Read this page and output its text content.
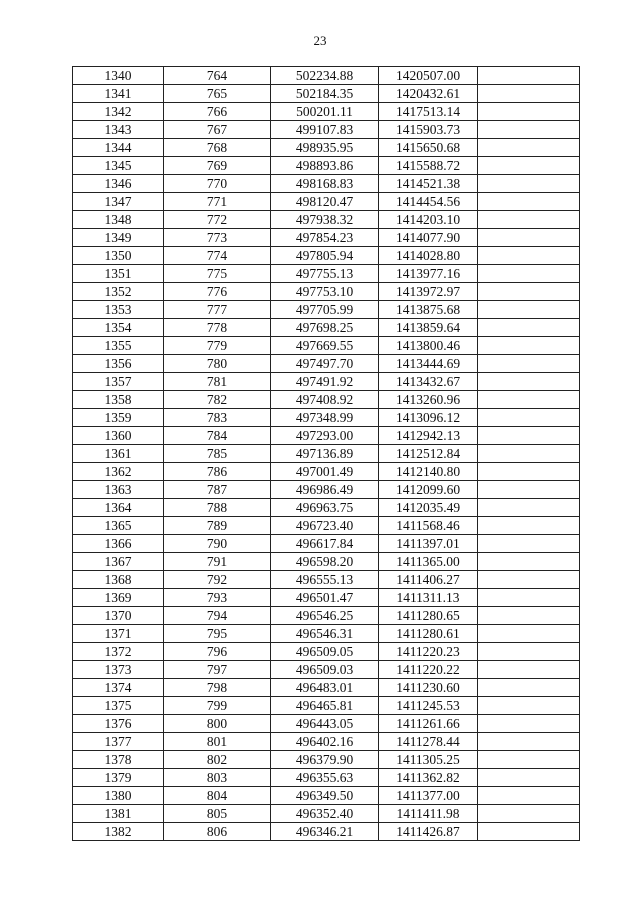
23
1340	764	502234.88	1420507.00	
1341	765	502184.35	1420432.61	
1342	766	500201.11	1417513.14	
1343	767	499107.83	1415903.73	
1344	768	498935.95	1415650.68	
1345	769	498893.86	1415588.72	
1346	770	498168.83	1414521.38	
1347	771	498120.47	1414454.56	
1348	772	497938.32	1414203.10	
1349	773	497854.23	1414077.90	
1350	774	497805.94	1414028.80	
1351	775	497755.13	1413977.16	
1352	776	497753.10	1413972.97	
1353	777	497705.99	1413875.68	
1354	778	497698.25	1413859.64	
1355	779	497669.55	1413800.46	
1356	780	497497.70	1413444.69	
1357	781	497491.92	1413432.67	
1358	782	497408.92	1413260.96	
1359	783	497348.99	1413096.12	
1360	784	497293.00	1412942.13	
1361	785	497136.89	1412512.84	
1362	786	497001.49	1412140.80	
1363	787	496986.49	1412099.60	
1364	788	496963.75	1412035.49	
1365	789	496723.40	1411568.46	
1366	790	496617.84	1411397.01	
1367	791	496598.20	1411365.00	
1368	792	496555.13	1411406.27	
1369	793	496501.47	1411311.13	
1370	794	496546.25	1411280.65	
1371	795	496546.31	1411280.61	
1372	796	496509.05	1411220.23	
1373	797	496509.03	1411220.22	
1374	798	496483.01	1411230.60	
1375	799	496465.81	1411245.53	
1376	800	496443.05	1411261.66	
1377	801	496402.16	1411278.44	
1378	802	496379.90	1411305.25	
1379	803	496355.63	1411362.82	
1380	804	496349.50	1411377.00	
1381	805	496352.40	1411411.98	
1382	806	496346.21	1411426.87	
